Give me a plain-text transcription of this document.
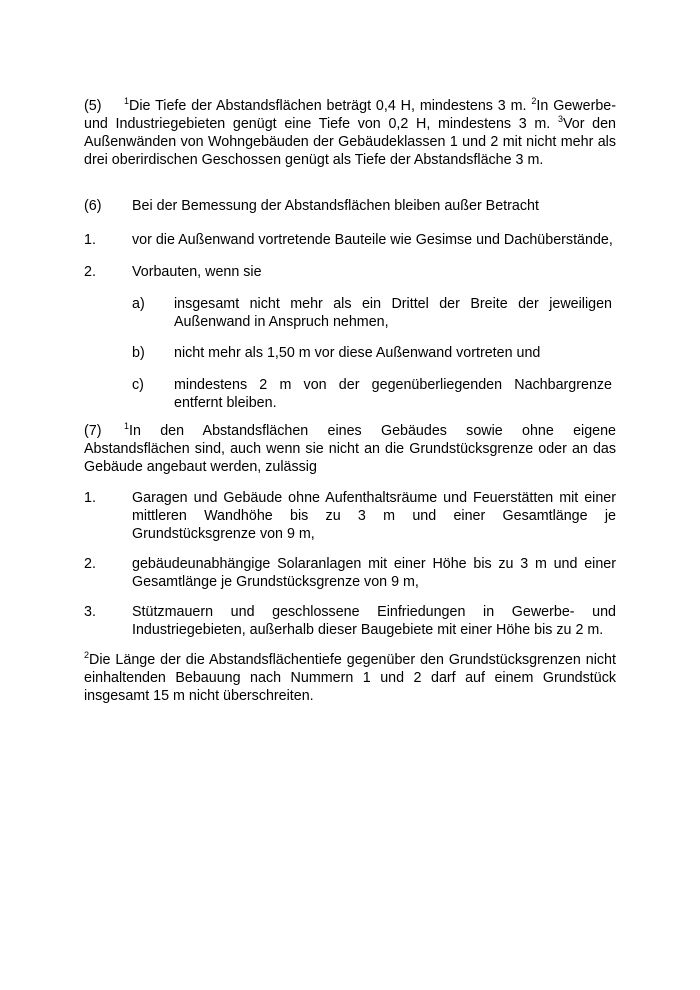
(5)	$^1$Die Tiefe der Abstandsflächen beträgt 0,4 H, mindestens 3 m. $^2$In Gewerbe- und Industriegebieten genügt eine Tiefe von 0,2 H, mindestens 3 m. $^3$Vor den Außenwänden von Wohngebäuden der Gebäudeklassen 1 und 2 mit nicht mehr als drei oberirdischen Geschossen genügt als Tiefe der Abstandsfläche 3 m.
(6) Bei der Bemessung der Abstandsflächen bleiben außer Betracht
1.	vor die Außenwand vortretende Bauteile wie Gesimse und Dachüberstände,
2.	Vorbauten, wenn sie
a) insgesamt nicht mehr als ein Drittel der Breite der jeweiligen Außenwand in Anspruch nehmen,
b) nicht mehr als 1,50 m vor diese Außenwand vortreten und
c) mindestens 2 m von der gegenüberliegenden Nachbargrenze entfernt bleiben.
(7)	$^1$In den Abstandsflächen eines Gebäudes sowie ohne eigene Abstandsflächen sind, auch wenn sie nicht an die Grundstücksgrenze oder an das Gebäude angebaut werden, zulässig
1.	Garagen und Gebäude ohne Aufenthaltsräume und Feuerstätten mit einer mittleren Wandhöhe bis zu 3 m und einer Gesamtlänge je Grundstücksgrenze von 9 m,
2.	gebäudeunabhängige Solaranlagen mit einer Höhe bis zu 3 m und einer Gesamtlänge je Grundstücksgrenze von 9 m,
3.	Stützmauern und geschlossene Einfriedungen in Gewerbe- und Industriegebieten, außerhalb dieser Baugebiete mit einer Höhe bis zu 2 m.
$^2$Die Länge der die Abstandsflächentiefe gegenüber den Grundstücksgrenzen nicht einhaltenden Bebauung nach Nummern 1 und 2 darf auf einem Grundstück insgesamt 15 m nicht überschreiten.
